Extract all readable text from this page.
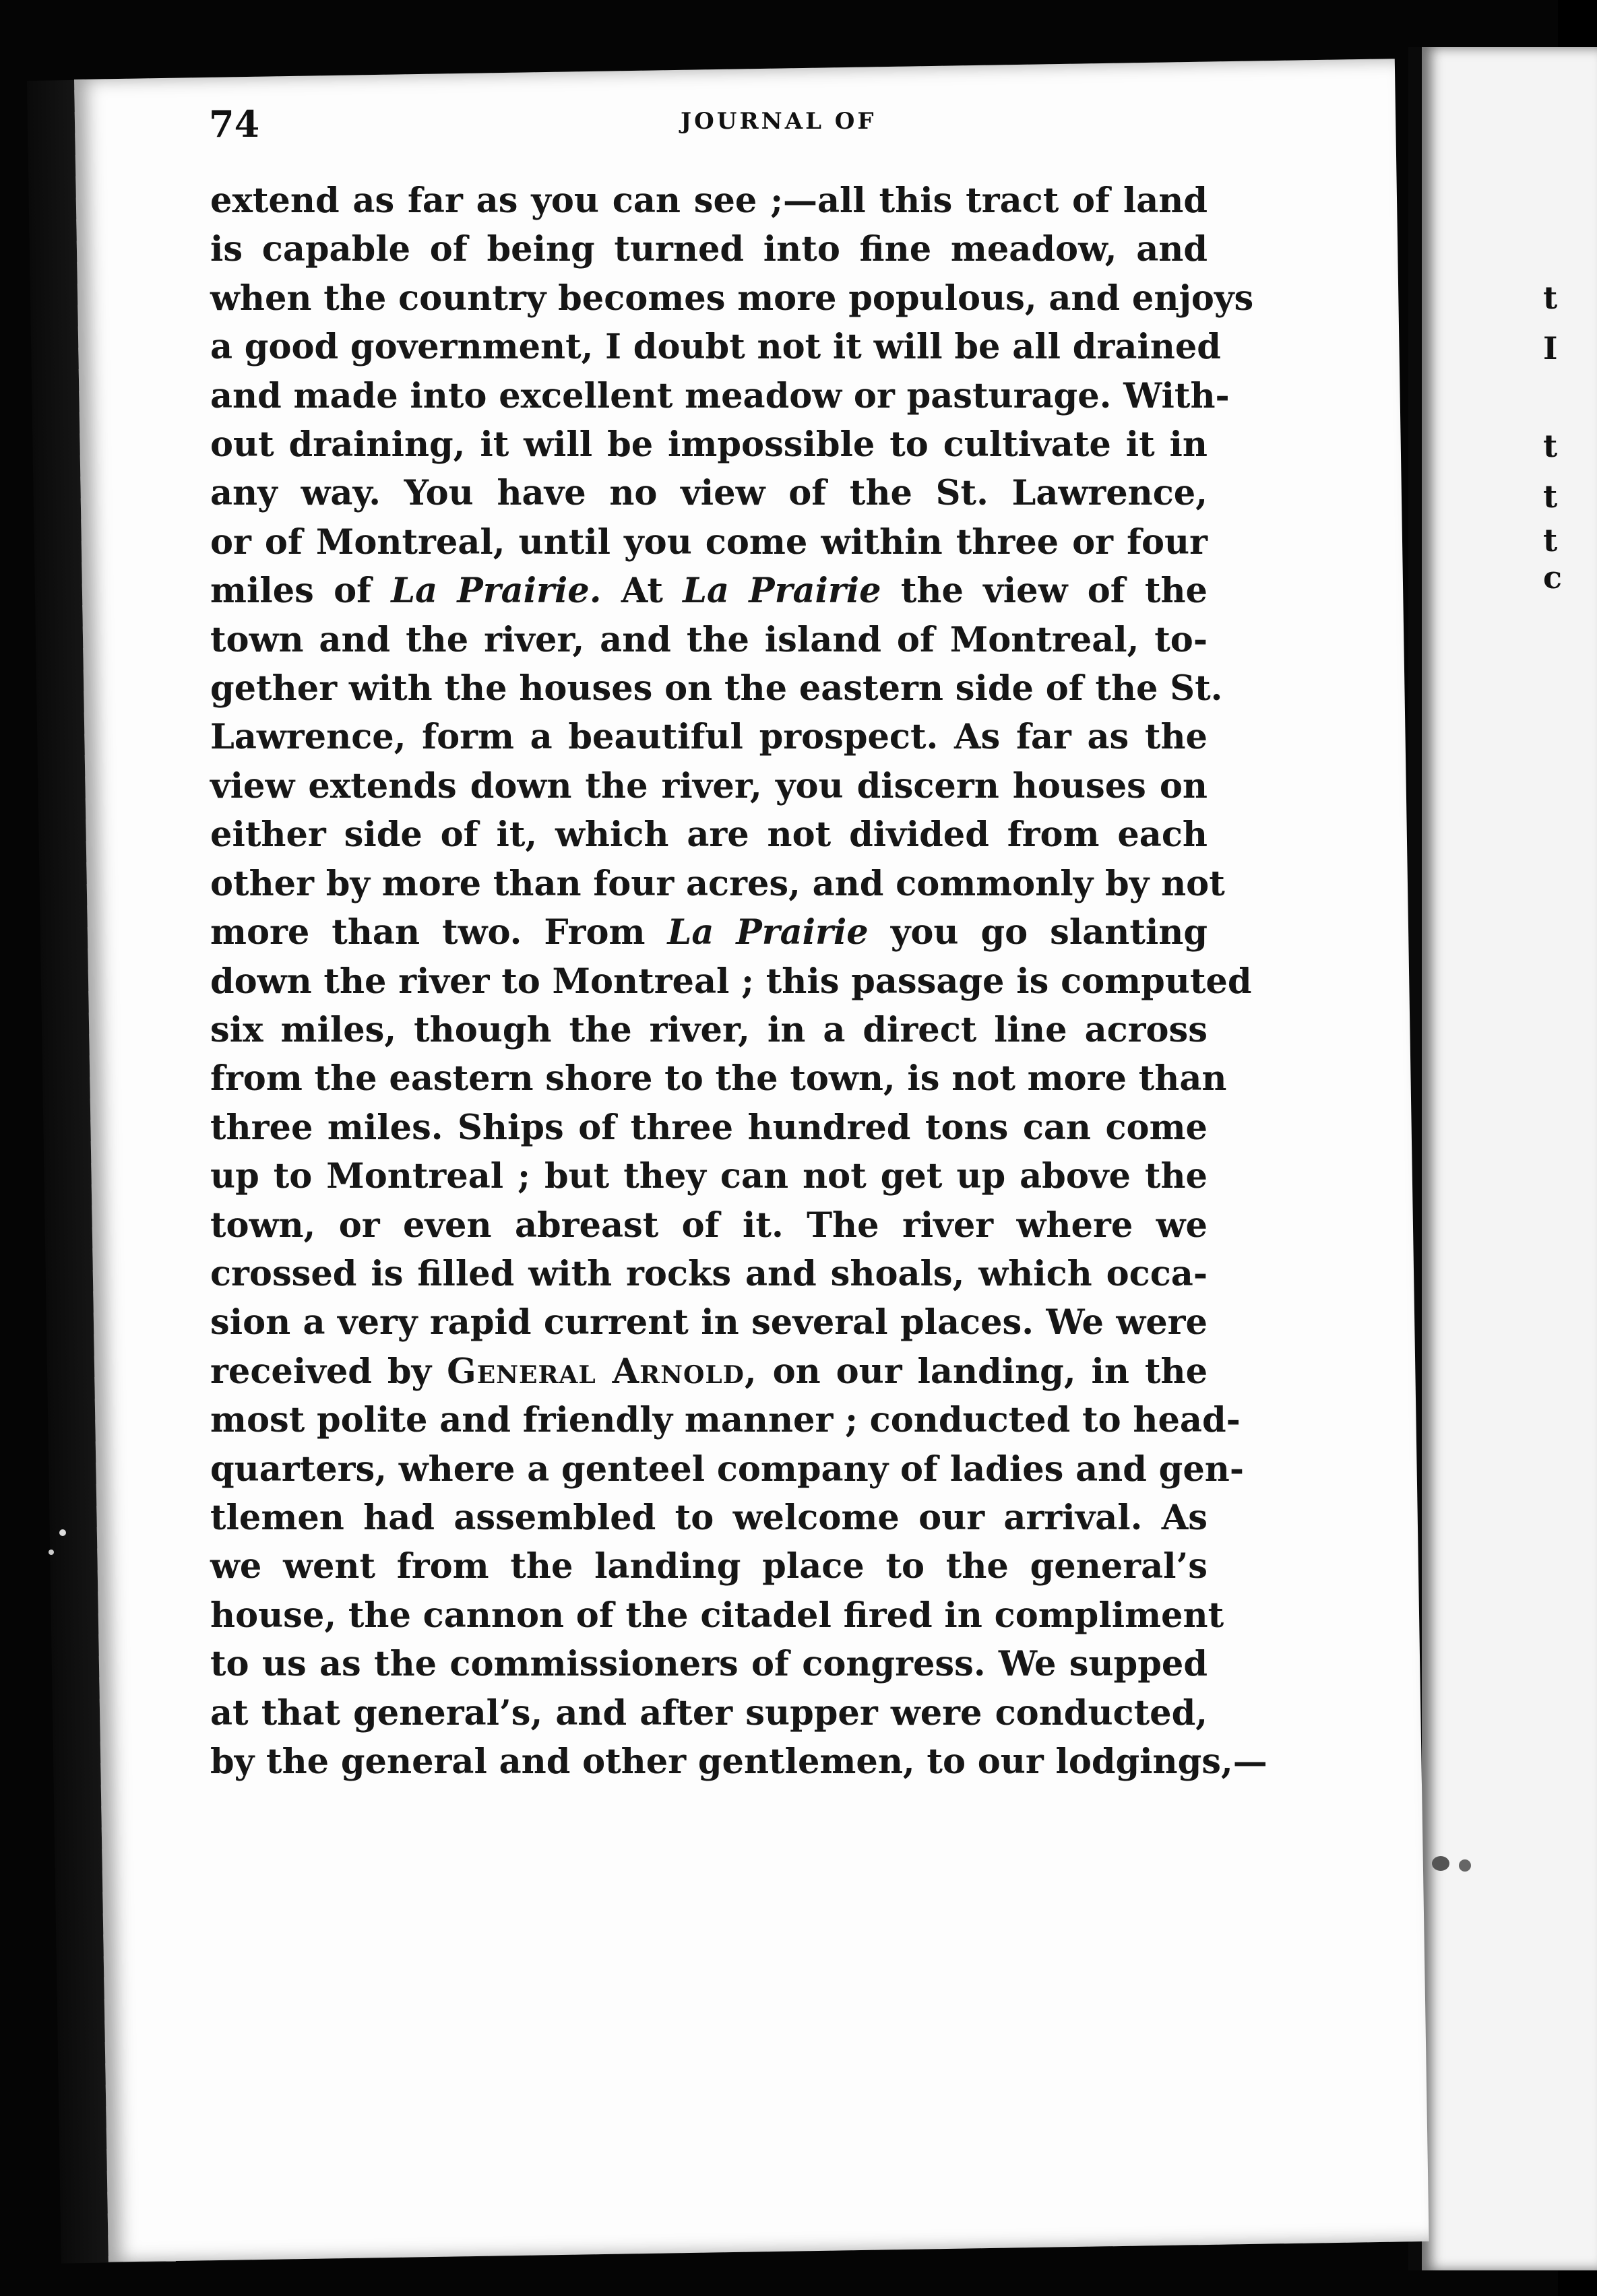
t
I
t
t
t
c
74	JOURNAL OF
extend as far as you can see ;—all this tract of land
is capable of being turned into fine meadow, and
when the country becomes more populous, and enjoys
a good government, I doubt not it will be all drained
and made into excellent meadow or pasturage. With-
out draining, it will be impossible to cultivate it in
any way. You have no view of the St. Lawrence,
or of Montreal, until you come within three or four
miles of La Prairie. At La Prairie the view of the
town and the river, and the island of Montreal, to-
gether with the houses on the eastern side of the St.
Lawrence, form a beautiful prospect. As far as the
view extends down the river, you discern houses on
either side of it, which are not divided from each
other by more than four acres, and commonly by not
more than two. From La Prairie you go slanting
down the river to Montreal ; this passage is computed
six miles, though the river, in a direct line across
from the eastern shore to the town, is not more than
three miles. Ships of three hundred tons can come
up to Montreal ; but they can not get up above the
town, or even abreast of it. The river where we
crossed is filled with rocks and shoals, which occa-
sion a very rapid current in several places. We were
received by General Arnold, on our landing, in the
most polite and friendly manner ; conducted to head-
quarters, where a genteel company of ladies and gen-
tlemen had assembled to welcome our arrival. As
we went from the landing place to the general’s
house, the cannon of the citadel fired in compliment
to us as the commissioners of congress. We supped
at that general’s, and after supper were conducted,
by the general and other gentlemen, to our lodgings,—
